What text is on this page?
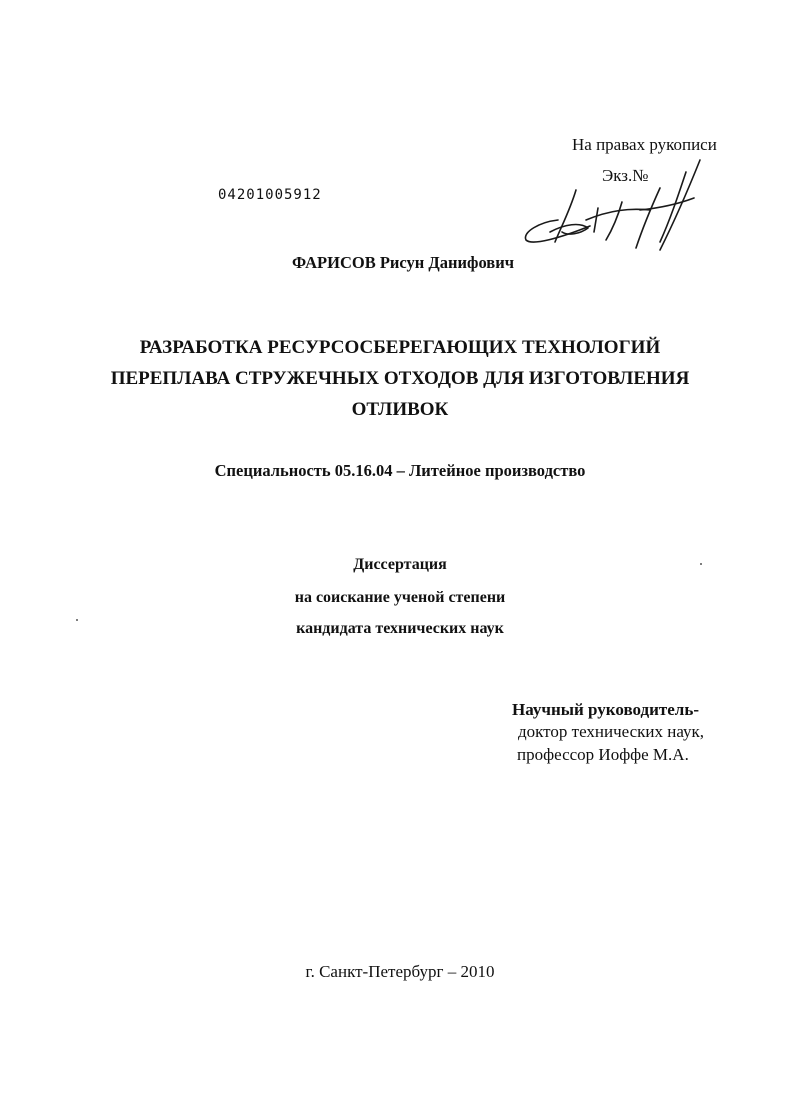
На правах рукописи
Экз.№
04201005912
ФАРИСОВ Рисун Данифович
РАЗРАБОТКА РЕСУРСОСБЕРЕГАЮЩИХ ТЕХНОЛОГИЙ
ПЕРЕПЛАВА СТРУЖЕЧНЫХ ОТХОДОВ ДЛЯ ИЗГОТОВЛЕНИЯ
ОТЛИВОК
Специальность 05.16.04 – Литейное производство
Диссертация
на соискание ученой степени
кандидата технических наук
Научный руководитель-
доктор технических наук,
профессор Иоффе М.А.
г. Санкт-Петербург – 2010
